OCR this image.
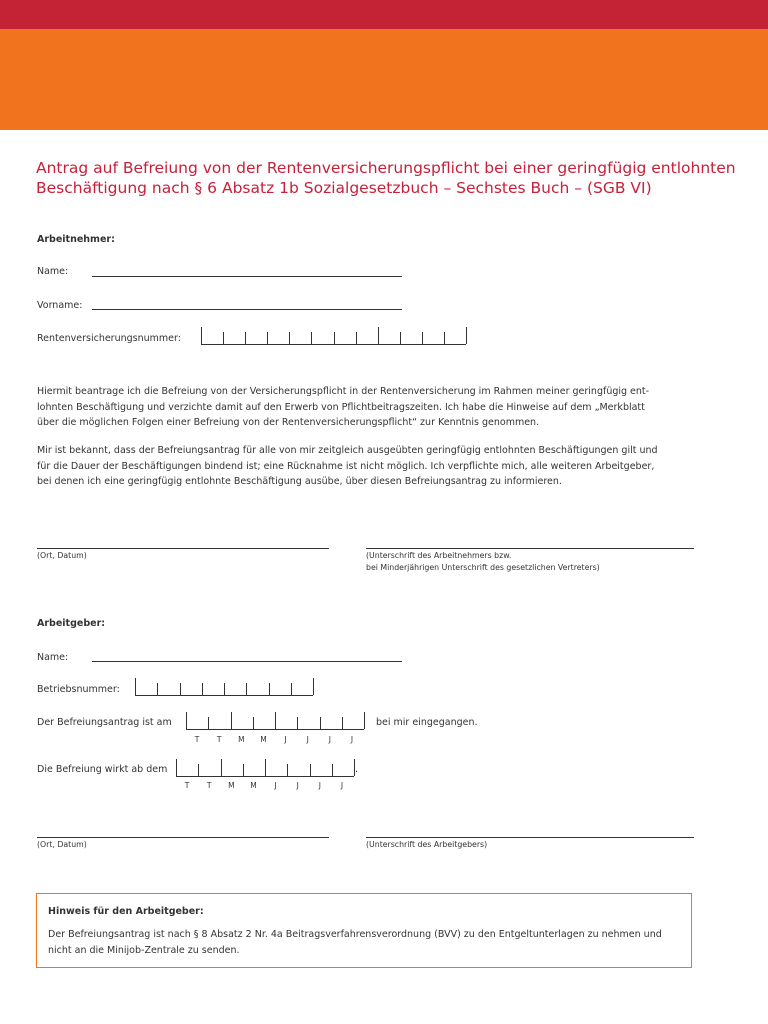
Antrag auf Befreiung von der Rentenversicherungspflicht bei einer geringfügig entlohnten
Beschäftigung nach § 6 Absatz 1b Sozialgesetzbuch – Sechstes Buch – (SGB VI)
Arbeitnehmer:
Name:
Vorname:
Rentenversicherungsnummer:

Hiermit beantrage ich die Befreiung von der Versicherungspflicht in der Rentenversicherung im Rahmen meiner geringfügig ent-
lohnten Beschäftigung und verzichte damit auf den Erwerb von Pflichtbeitragszeiten. Ich habe die Hinweise auf dem „Merkblatt
über die möglichen Folgen einer Befreiung von der Rentenversicherungspflicht“ zur Kenntnis genommen.

Mir ist bekannt, dass der Befreiungsantrag für alle von mir zeitgleich ausgeübten geringfügig entlohnten Beschäftigungen gilt und
für die Dauer der Beschäftigungen bindend ist; eine Rücknahme ist nicht möglich. Ich verpflichte mich, alle weiteren Arbeitgeber,
bei denen ich eine geringfügig entlohnte Beschäftigung ausübe, über diesen Befreiungsantrag zu informieren.

(Ort, Datum)	(Unterschrift des Arbeitnehmers bzw.
bei Minderjährigen Unterschrift des gesetzlichen Vertreters)
Arbeitgeber:
Name:
Betriebsnummer:
Der Befreiungsantrag ist am	bei mir eingegangen.
T	T	M M	J	J	J	J
Die Befreiung wirkt ab dem	.
T	T	M M	J	J	J	J
(Ort, Datum)	(Unterschrift des Arbeitgebers)
Hinweis für den Arbeitgeber:

Der Befreiungsantrag ist nach § 8 Absatz 2 Nr. 4a Beitragsverfahrensverordnung (BVV) zu den Entgeltunterlagen zu nehmen und
nicht an die Minijob-Zentrale zu senden.
